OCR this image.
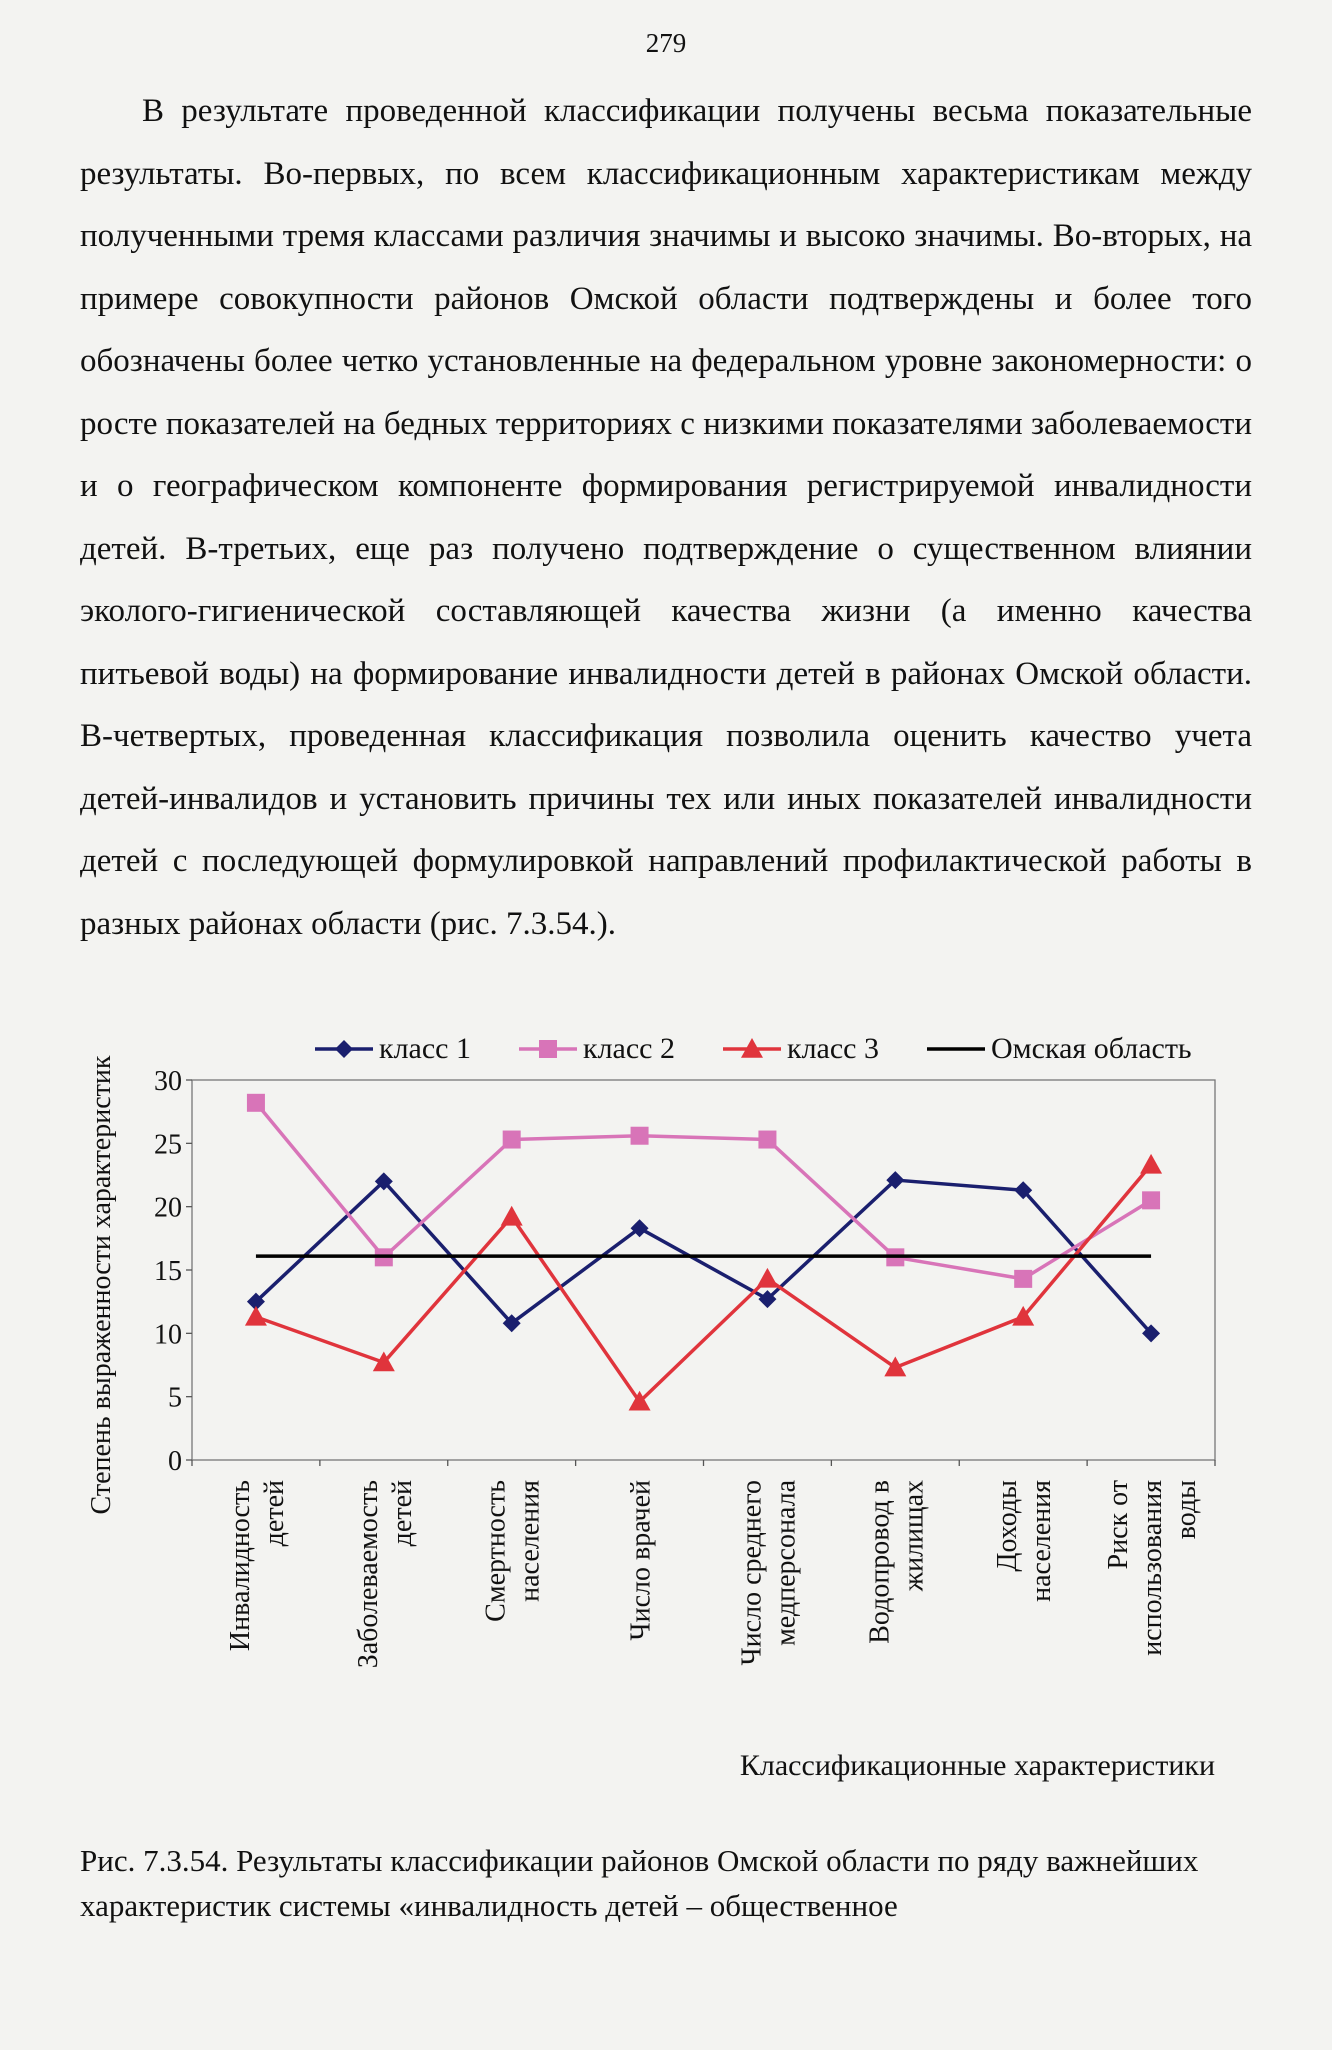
279

В результате проведенной классификации получены весьма показательные результаты. Во-первых, по всем классификационным характеристикам между полученными тремя классами различия значимы и высоко значимы. Во-вторых, на примере совокупности районов Омской области подтверждены и более того обозначены более четко установленные на федеральном уровне закономерности: о росте показателей на бедных территориях с низкими показателями заболеваемости и о географическом компоненте формирования регистрируемой инвалидности детей. В-третьих, еще раз получено подтверждение о существенном влиянии эколого-гигиенической составляющей качества жизни (а именно качества питьевой воды) на формирование инвалидности детей в районах Омской области. В-четвертых, проведенная классификация позволила оценить качество учета детей-инвалидов и установить причины тех или иных показателей инвалидности детей с последующей формулировкой направлений профилактической работы в разных районах области (рис. 7.3.54.).

0
5
10
15
20
25
30
Степень выраженности характеристик
Инвалидность детей Заболеваемость детей Смертность населения	Число врачей	Число среднего медперсонала Водопровод в жилищах Доходы населения Риск от использования воды
Классификационные характеристики
класс 1	класс 2	класс 3	Омская область

Рис. 7.3.54. Результаты классификации районов Омской области по ряду важнейших характеристик системы «инвалидность детей – общественное
